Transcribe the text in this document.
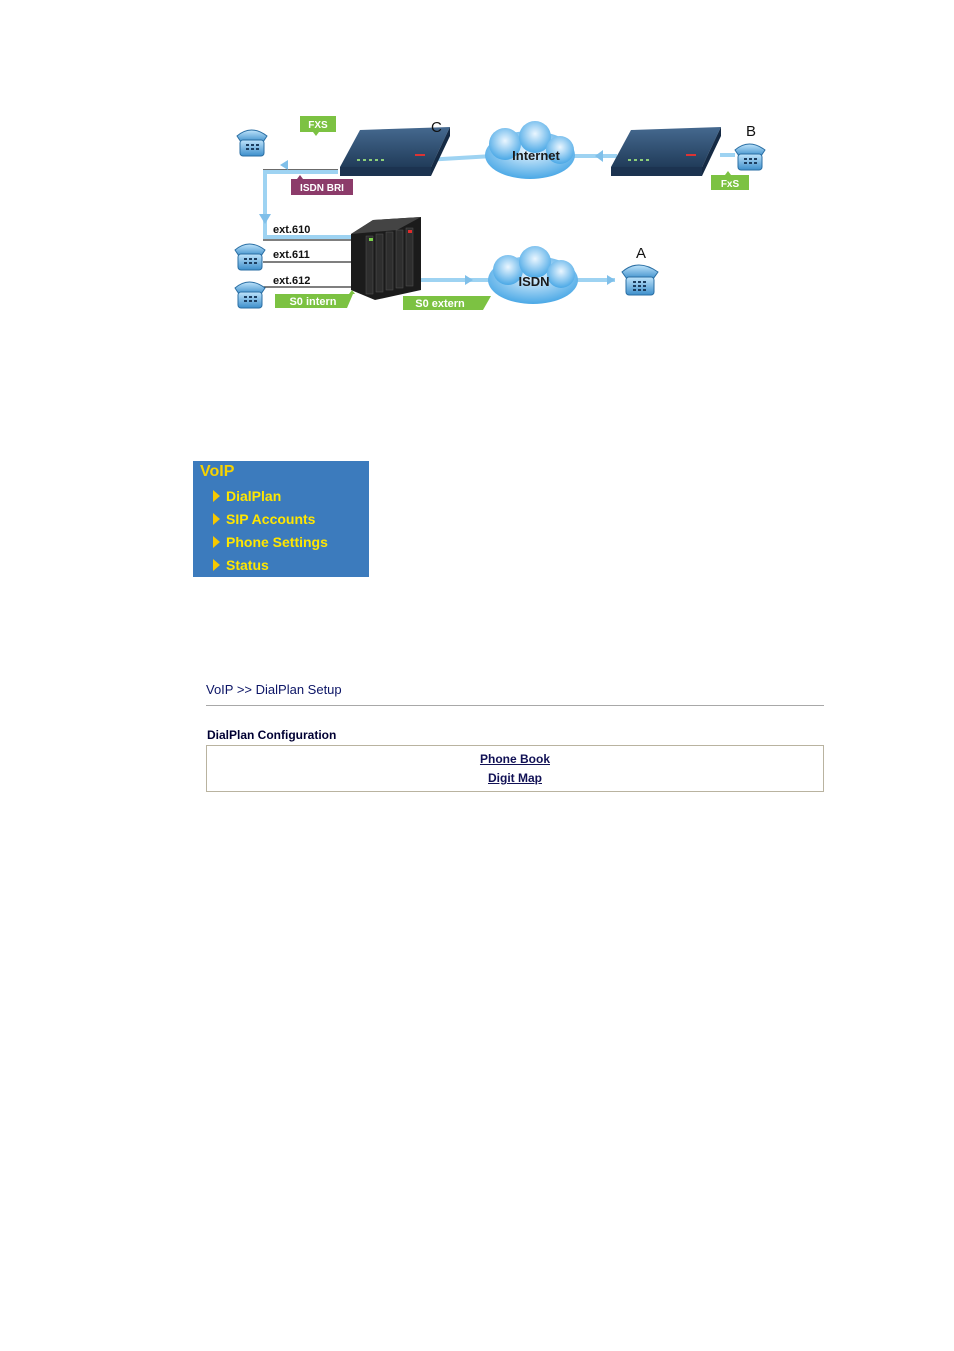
Internet
ISDN
FXS
FxS
ISDN BRI
S0 intern	S0 extern
ext.610
ext.611
ext.612
C	B
A
VoIP
DialPlan
SIP Accounts
Phone Settings
Status
VoIP >> DialPlan Setup
DialPlan Configuration
Phone Book
Digit Map
